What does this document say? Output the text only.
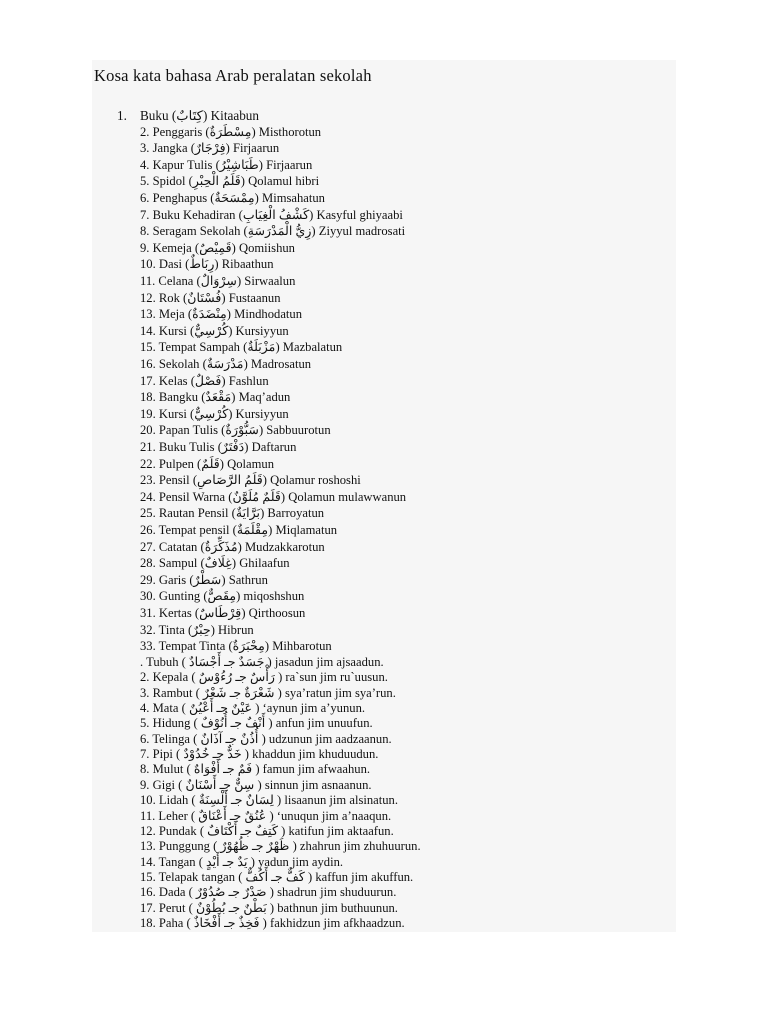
Kosa kata bahasa Arab peralatan sekolah
1. Buku (كِتَابٌ) Kitaabun
2. Penggaris (مِسْطَرَةٌ) Misthorotun
3. Jangka (فِرْجَارٌ) Firjaarun
4. Kapur Tulis (طَبَاشِيْرُ) Firjaarun
5. Spidol (قَلَمُ الْحِبْرِ) Qolamul hibri
6. Penghapus (مِمْسَحَةٌ) Mimsahatun
7. Buku Kehadiran (كَشْفُ الْغِيَابِ) Kasyful ghiyaabi
8. Seragam Sekolah (زِيُّ الْمَدْرَسَةِ) Ziyyul madrosati
9. Kemeja (قَمِيْصٌ) Qomiishun
10. Dasi (رِبَاطٌ) Ribaathun
11. Celana (سِرْوَالٌ) Sirwaalun
12. Rok (فُسْتَانٌ) Fustaanun
13. Meja (مِنْضَدَةٌ) Mindhodatun
14. Kursi (كُرْسِيٌّ) Kursiyyun
15. Tempat Sampah (مَزْبَلَةٌ) Mazbalatun
16. Sekolah (مَدْرَسَةٌ) Madrosatun
17. Kelas (فَصْلٌ) Fashlun
18. Bangku (مَقْعَدٌ) Maq’adun
19. Kursi (كُرْسِيٌّ) Kursiyyun
20. Papan Tulis (سَبُّوْرَةٌ) Sabbuurotun
21. Buku Tulis (دَفْتَرٌ) Daftarun
22. Pulpen (قَلَمٌ) Qolamun
23. Pensil (قَلَمُ الرَّصَاصِ) Qolamur roshoshi
24. Pensil Warna (قَلَمٌ مُلَوَّنٌ) Qolamun mulawwanun
25. Rautan Pensil (بَرَّايَةٌ) Barroyatun
26. Tempat pensil (مِقْلَمَةٌ) Miqlamatun
27. Catatan (مُذَكِّرَةٌ) Mudzakkarotun
28. Sampul (غِلَافٌ) Ghilaafun
29. Garis (سَطْرٌ) Sathrun
30. Gunting (مِقَصٌّ) miqoshshun
31. Kertas (قِرْطَاسٌ) Qirthoosun
32. Tinta (حِبْرٌ) Hibrun
33. Tempat Tinta (مِحْبَرَةٌ) Mihbarotun
. Tubuh ( جَسَدٌ جـ أَجْسَادٌ ) jasadun jim ajsaadun.
2. Kepala ( رَأْسٌ جـ رُءُوْسٌ ) ra`sun jim ru`uusun.
3. Rambut ( شَعْرَةٌ جـ شَعْرٌ ) sya’ratun jim sya’run.
4. Mata ( عَيْنٌ جـ أَعْيُنٌ ) ‘aynun jim a’yunun.
5. Hidung ( أَنْفٌ جـ أُنُوْفٌ ) anfun jim unuufun.
6. Telinga ( أُذُنٌ جـ آذَانٌ ) udzunun jim aadzaanun.
7. Pipi ( خَدٌّ جـ خُدُوْدٌ ) khaddun jim khuduudun.
8. Mulut ( فَمٌ جـ أَفْوَاهٌ ) famun jim afwaahun.
9. Gigi ( سِنٌّ جـ أَسْنَانٌ ) sinnun jim asnaanun.
10. Lidah ( لِسَانٌ جـ أَلْسِنَةٌ ) lisaanun jim alsinatun.
11. Leher ( عُنُقٌ جـ أَعْنَاقٌ ) ‘unuqun jim a’naaqun.
12. Pundak ( كَتِفٌ جـ أَكْتَافٌ ) katifun jim aktaafun.
13. Punggung ( ظَهْرٌ جـ ظُهُوْرٌ ) zhahrun jim zhuhuurun.
14. Tangan ( يَدٌ جـ أَيْدٍ ) yadun jim aydin.
15. Telapak tangan ( كَفٌّ جـ أَكُفٌّ ) kaffun jim akuffun.
16. Dada ( صَدْرٌ جـ صُدُوْرٌ ) shadrun jim shuduurun.
17. Perut ( بَطْنٌ جـ بُطُوْنٌ ) bathnun jim buthuunun.
18. Paha ( فَخِذٌ جـ أَفْخَاذٌ ) fakhidzun jim afkhaadzun.
